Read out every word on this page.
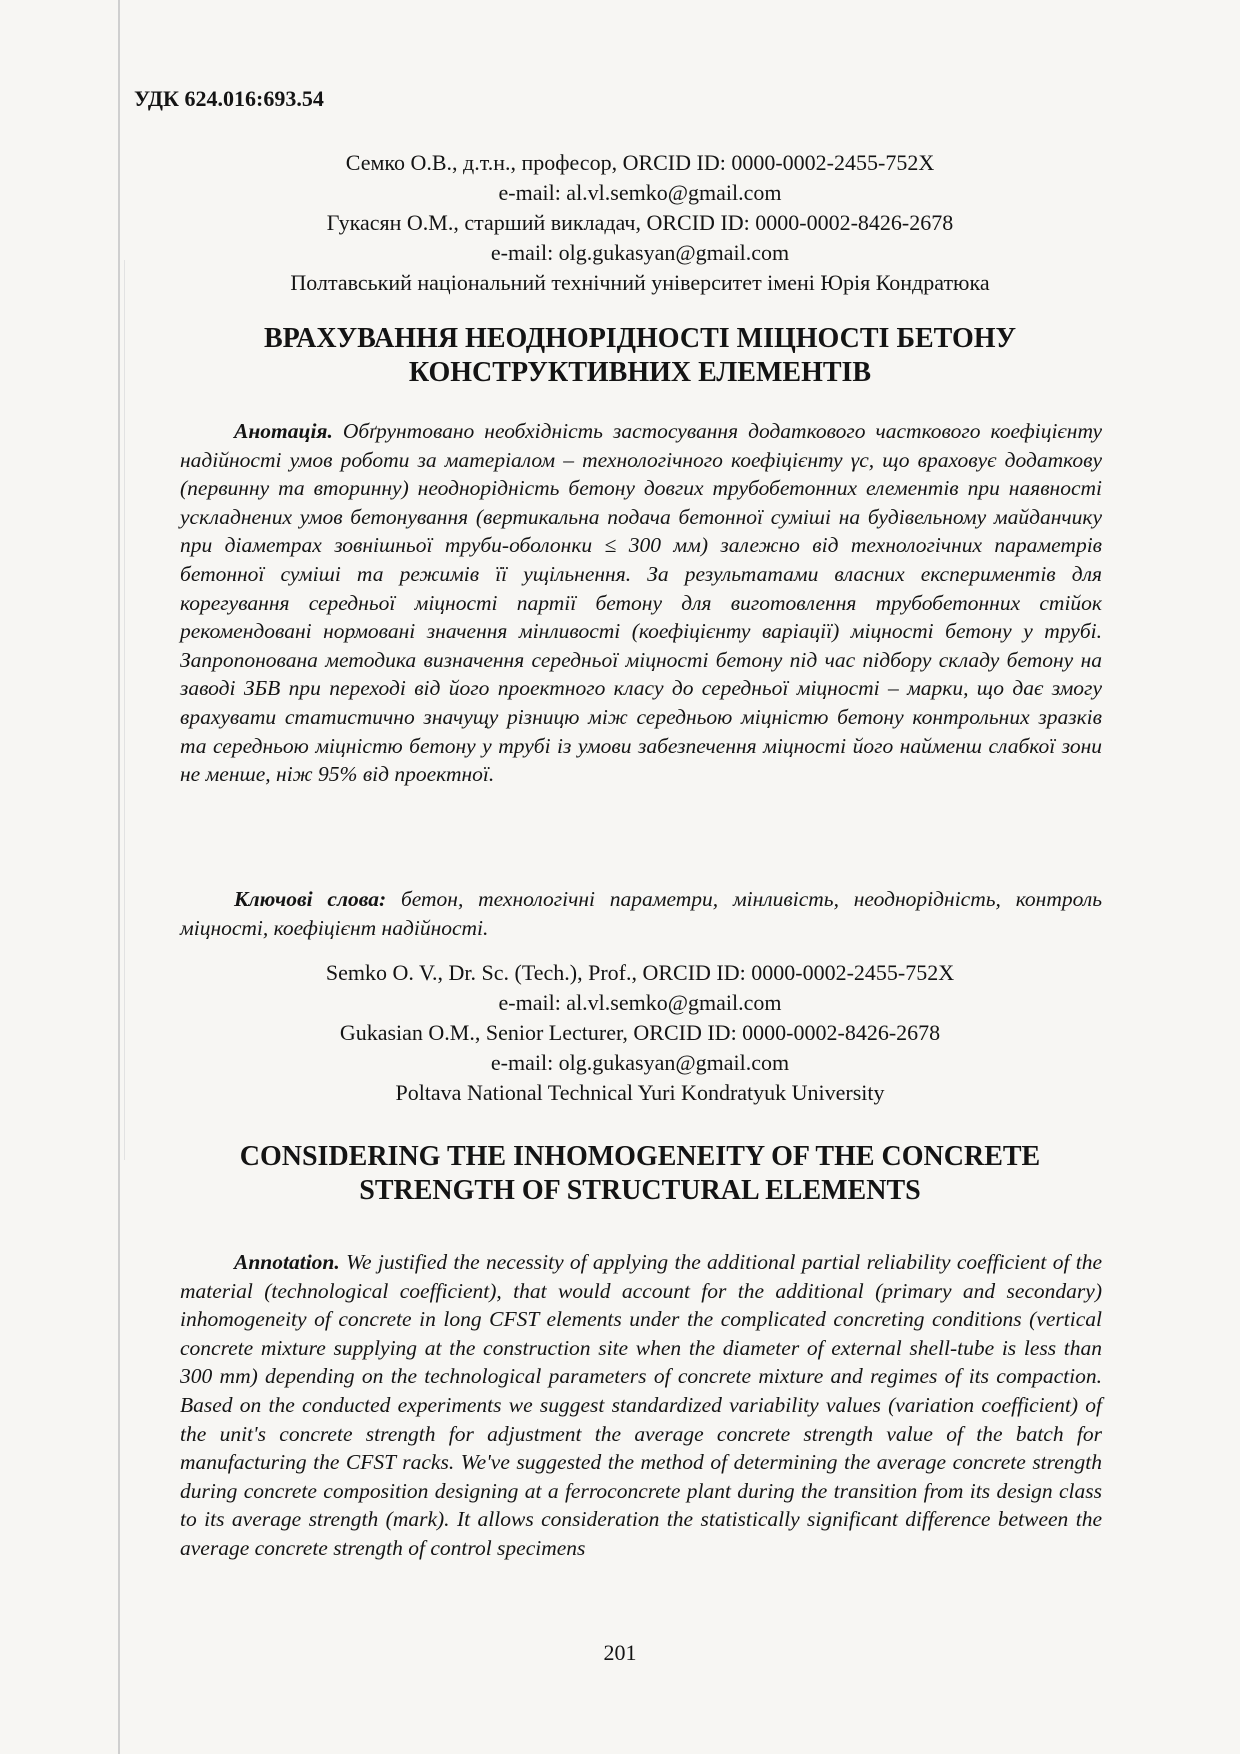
УДК 624.016:693.54
Семко О.В., д.т.н., професор, ORCID ID: 0000-0002-2455-752X
e-mail: al.vl.semko@gmail.com
Гукасян О.М., старший викладач, ORCID ID: 0000-0002-8426-2678
e-mail: olg.gukasyan@gmail.com
Полтавський національний технічний університет імені Юрія Кондратюка
ВРАХУВАННЯ НЕОДНОРІДНОСТІ МІЦНОСТІ БЕТОНУ
КОНСТРУКТИВНИХ ЕЛЕМЕНТІВ

Анотація. Обґрунтовано необхідність застосування додаткового часткового коефіцієнту надійності умов роботи за матеріалом – технологічного коефіцієнту γс, що враховує додаткову (первинну та вторинну) неоднорідність бетону довгих трубобетонних елементів при наявності ускладнених умов бетонування (вертикальна подача бетонної суміші на будівельному майданчику при діаметрах зовнішньої труби-оболонки ≤ 300 мм) залежно від технологічних параметрів бетонної суміші та режимів її ущільнення. За результатами власних експериментів для корегування середньої міцності партії бетону для виготовлення трубобетонних стійок рекомендовані нормовані значення мінливості (коефіцієнту варіації) міцності бетону у трубі. Запропонована методика визначення середньої міцності бетону під час підбору складу бетону на заводі ЗБВ при переході від його проектного класу до середньої міцності – марки, що дає змогу врахувати статистично значущу різницю між середньою міцністю бетону контрольних зразків та середньою міцністю бетону у трубі із умови забезпечення міцності його найменш слабкої зони не менше, ніж 95% від проектної.

Ключові слова: бетон, технологічні параметри, мінливість, неоднорідність, контроль міцності, коефіцієнт надійності.

Semko O. V., Dr. Sc. (Tech.), Prof., ORCID ID: 0000-0002-2455-752X
e-mail: al.vl.semko@gmail.com
Gukasian O.M., Senior Lecturer, ORCID ID: 0000-0002-8426-2678
e-mail: olg.gukasyan@gmail.com
Poltava National Technical Yuri Kondratyuk University
CONSIDERING THE INHOMOGENEITY OF THE CONCRETE
STRENGTH OF STRUCTURAL ELEMENTS

Annotation. We justified the necessity of applying the additional partial reliability coefficient of the material (technological coefficient), that would account for the additional (primary and secondary) inhomogeneity of concrete in long CFST elements under the complicated concreting conditions (vertical concrete mixture supplying at the construction site when the diameter of external shell-tube is less than 300 mm) depending on the technological parameters of concrete mixture and regimes of its compaction. Based on the conducted experiments we suggest standardized variability values (variation coefficient) of the unit's concrete strength for adjustment the average concrete strength value of the batch for manufacturing the CFST racks. We've suggested the method of determining the average concrete strength during concrete composition designing at a ferroconcrete plant during the transition from its design class to its average strength (mark). It allows consideration the statistically significant difference between the average concrete strength of control specimens

201
